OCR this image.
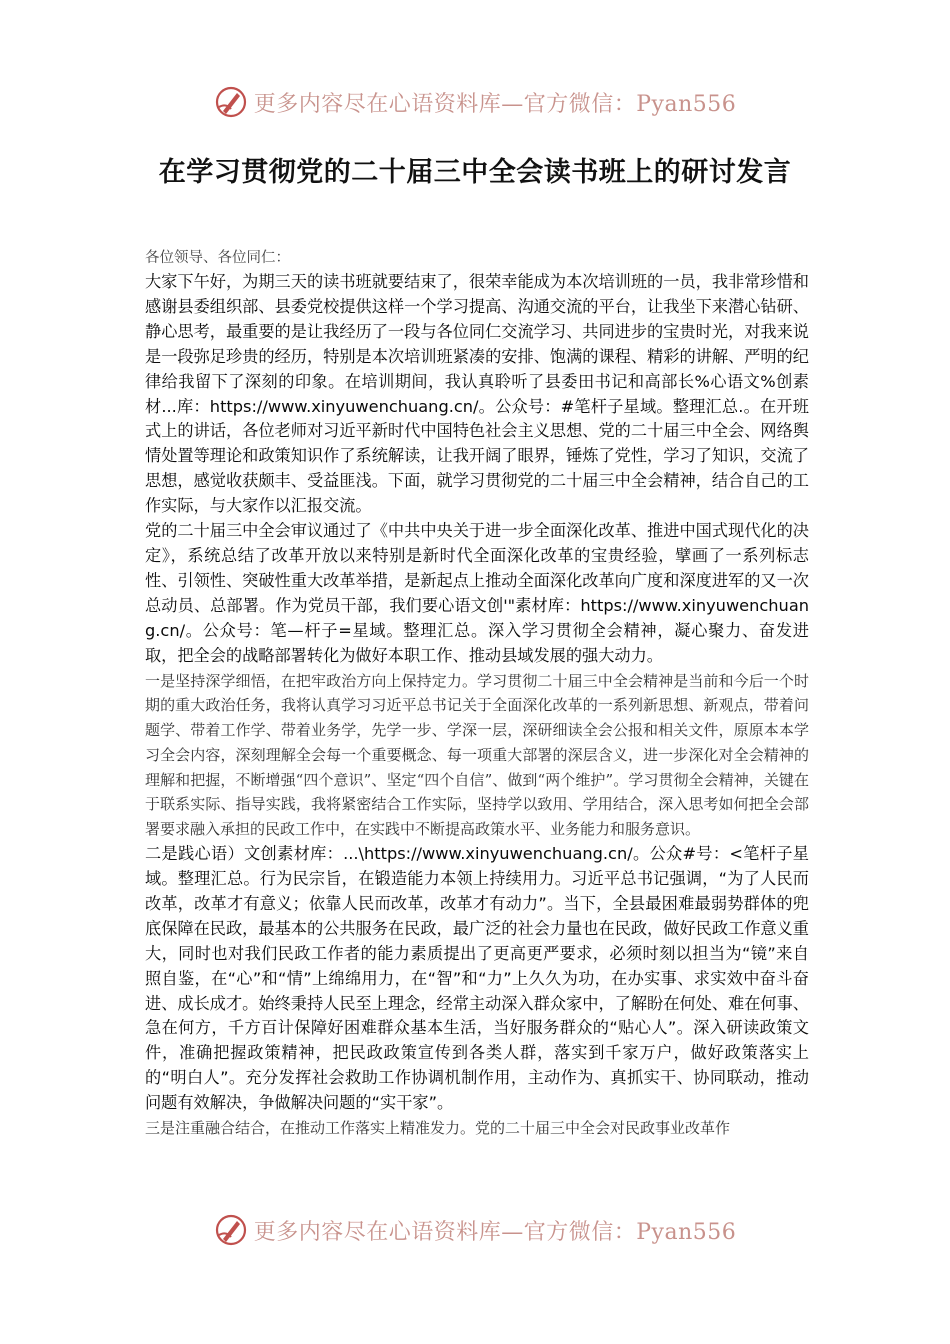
更多内容尽在心语资料库—官方微信：Pyan556
在学习贯彻党的二十届三中全会读书班上的研讨发言

各位领导、各位同仁：

大家下午好，为期三天的读书班就要结束了，很荣幸能成为本次培训班的一员，我非常珍惜和感谢县委组织部、县委党校提供这样一个学习提高、沟通交流的平台，让我坐下来潜心钻研、静心思考，最重要的是让我经历了一段与各位同仁交流学习、共同进步的宝贵时光，对我来说是一段弥足珍贵的经历，特别是本次培训班紧凑的安排、饱满的课程、精彩的讲解、严明的纪律给我留下了深刻的印象。在培训期间，我认真聆听了县委田书记和高部长%心语文%创素材...库：https://www.xinyuwenchuang.cn/。公众号：#笔杆子星域。整理汇总.。在开班式上的讲话，各位老师对习近平新时代中国特色社会主义思想、党的二十届三中全会、网络舆情处置等理论和政策知识作了系统解读，让我开阔了眼界，锤炼了党性，学习了知识，交流了思想，感觉收获颇丰、受益匪浅。下面，就学习贯彻党的二十届三中全会精神，结合自己的工作实际，与大家作以汇报交流。

党的二十届三中全会审议通过了《中共中央关于进一步全面深化改革、推进中国式现代化的决定》，系统总结了改革开放以来特别是新时代全面深化改革的宝贵经验，擘画了一系列标志性、引领性、突破性重大改革举措，是新起点上推动全面深化改革向广度和深度进军的又一次总动员、总部署。作为党员干部，我们要心语文创'"素材库：https://www.xinyuwenchuang.cn/。公众号：笔—杆子=星域。整理汇总。深入学习贯彻全会精神，凝心聚力、奋发进取，把全会的战略部署转化为做好本职工作、推动县域发展的强大动力。

一是坚持深学细悟，在把牢政治方向上保持定力。学习贯彻二十届三中全会精神是当前和今后一个时期的重大政治任务，我将认真学习习近平总书记关于全面深化改革的一系列新思想、新观点，带着问题学、带着工作学、带着业务学，先学一步、学深一层，深研细读全会公报和相关文件，原原本本学习全会内容，深刻理解全会每一个重要概念、每一项重大部署的深层含义，进一步深化对全会精神的理解和把握，不断增强“四个意识”、坚定“四个自信”、做到“两个维护”。学习贯彻全会精神，关键在于联系实际、指导实践，我将紧密结合工作实际，坚持学以致用、学用结合，深入思考如何把全会部署要求融入承担的民政工作中，在实践中不断提高政策水平、业务能力和服务意识。

二是践心语）文创素材库：...\https://www.xinyuwenchuang.cn/。公众#号：<笔杆子星域。整理汇总。行为民宗旨，在锻造能力本领上持续用力。习近平总书记强调，“为了人民而改革，改革才有意义；依靠人民而改革，改革才有动力”。当下，全县最困难最弱势群体的兜底保障在民政，最基本的公共服务在民政，最广泛的社会力量也在民政，做好民政工作意义重大，同时也对我们民政工作者的能力素质提出了更高更严要求，必须时刻以担当为“镜”来自照自鉴，在“心”和“情”上绵绵用力，在“智”和“力”上久久为功，在办实事、求实效中奋斗奋进、成长成才。始终秉持人民至上理念，经常主动深入群众家中，了解盼在何处、难在何事、急在何方，千方百计保障好困难群众基本生活，当好服务群众的“贴心人”。深入研读政策文件，准确把握政策精神，把民政政策宣传到各类人群，落实到千家万户，做好政策落实上的“明白人”。充分发挥社会救助工作协调机制作用，主动作为、真抓实干、协同联动，推动问题有效解决，争做解决问题的“实干家”。

三是注重融合结合，在推动工作落实上精准发力。党的二十届三中全会对民政事业改革作

更多内容尽在心语资料库—官方微信：Pyan556
